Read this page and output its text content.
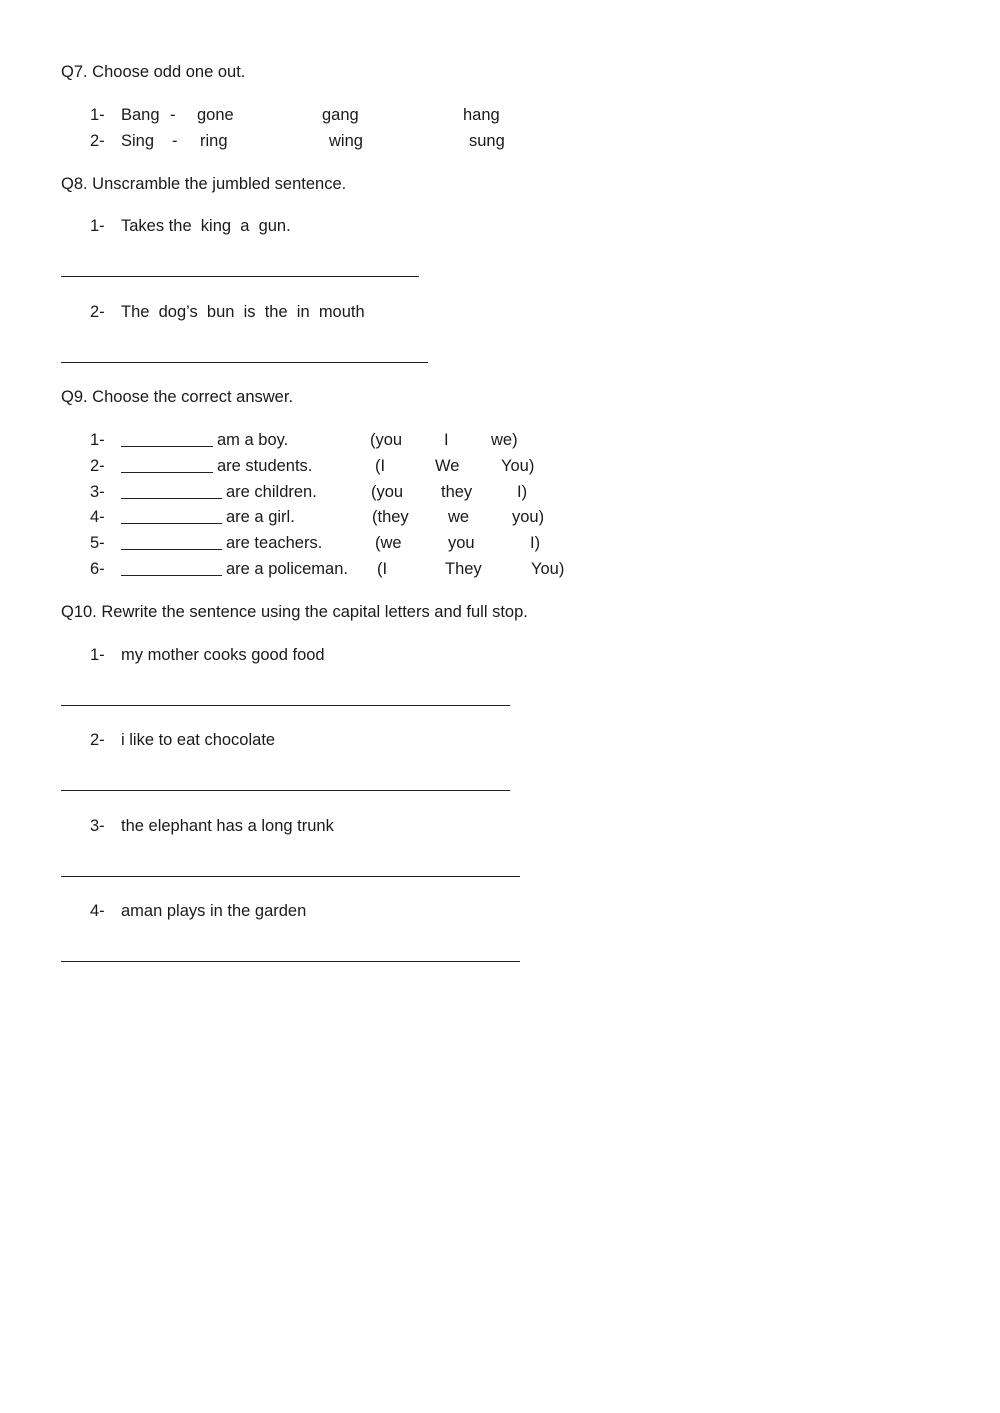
Q7. Choose odd one out.
1- Bang - gone	gang	hang
2- Sing - ring	wing	sung
Q8. Unscramble the jumbled sentence.
1- Takes the  king  a  gun.
2- The  dog’s  bun  is  the  in  mouth
Q9. Choose the correct answer.
1-	am a boy.	(you	I	we)
2-	are students.	(I	We	You)
3-	are children.	(you they	I)
4-	are a girl.	(they we	you)
5-	are teachers.	(we	you	I)
6-	are a policeman. (I	They	You)
Q10. Rewrite the sentence using the capital letters and full stop.
1- my mother cooks good food
2- i like to eat chocolate
3- the elephant has a long trunk
4- aman plays in the garden
